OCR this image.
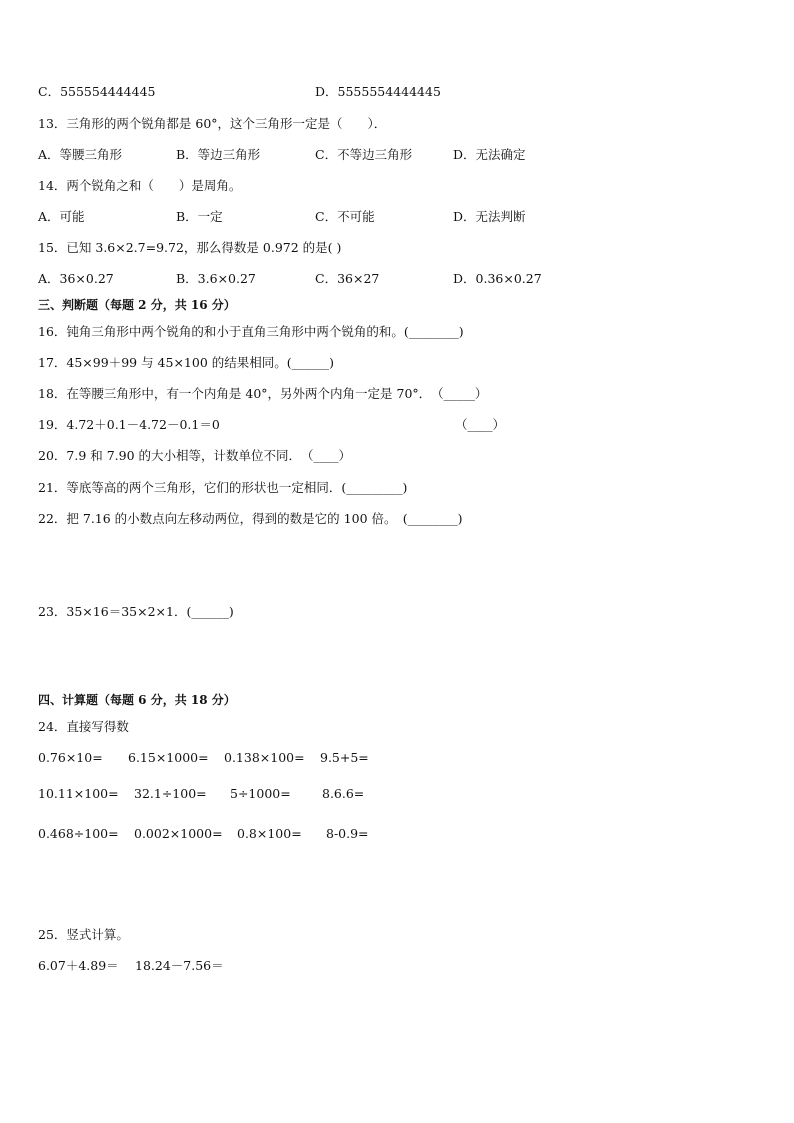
C．555554444445	D．5555554444445
13．三角形的两个锐角都是 60°，这个三角形一定是（　　）．
A．等腰三角形	B．等边三角形	C．不等边三角形	D．无法确定
14．两个锐角之和（　　）是周角。
A．可能	B．一定	C．不可能	D．无法判断
15．已知 3.6×2.7=9.72，那么得数是 0.972 的是( )
A．36×0.27	B．3.6×0.27	C．36×27	D．0.36×0.27
三、判断题（每题 2 分，共 16 分）
16．钝角三角形中两个锐角的和小于直角三角形中两个锐角的和。(________)
17．45×99＋99 与 45×100 的结果相同。(______)
18．在等腰三角形中，有一个内角是 40°，另外两个内角一定是 70°．　（_____）
19．4.72＋0.1－4.72－0.1＝0	（____）
20．7.9 和 7.90 的大小相等，计数单位不同．　（____）
21．等底等高的两个三角形，它们的形状也一定相同．(_________)
22．把 7.16 的小数点向左移动两位，得到的数是它的 100 倍。　(________)
23．35×16＝35×2×1．(______)
四、计算题（每题 6 分，共 18 分）
24．直接写得数
0.76×10= 6.15×1000= 0.138×100= 9.5+5=
10.11×100= 32.1÷100= 5÷1000=	8.6.6=
0.468÷100= 0.002×1000= 0.8×100= 8-0.9=
25．竖式计算。
6.07＋4.89＝ 18.24－7.56＝
